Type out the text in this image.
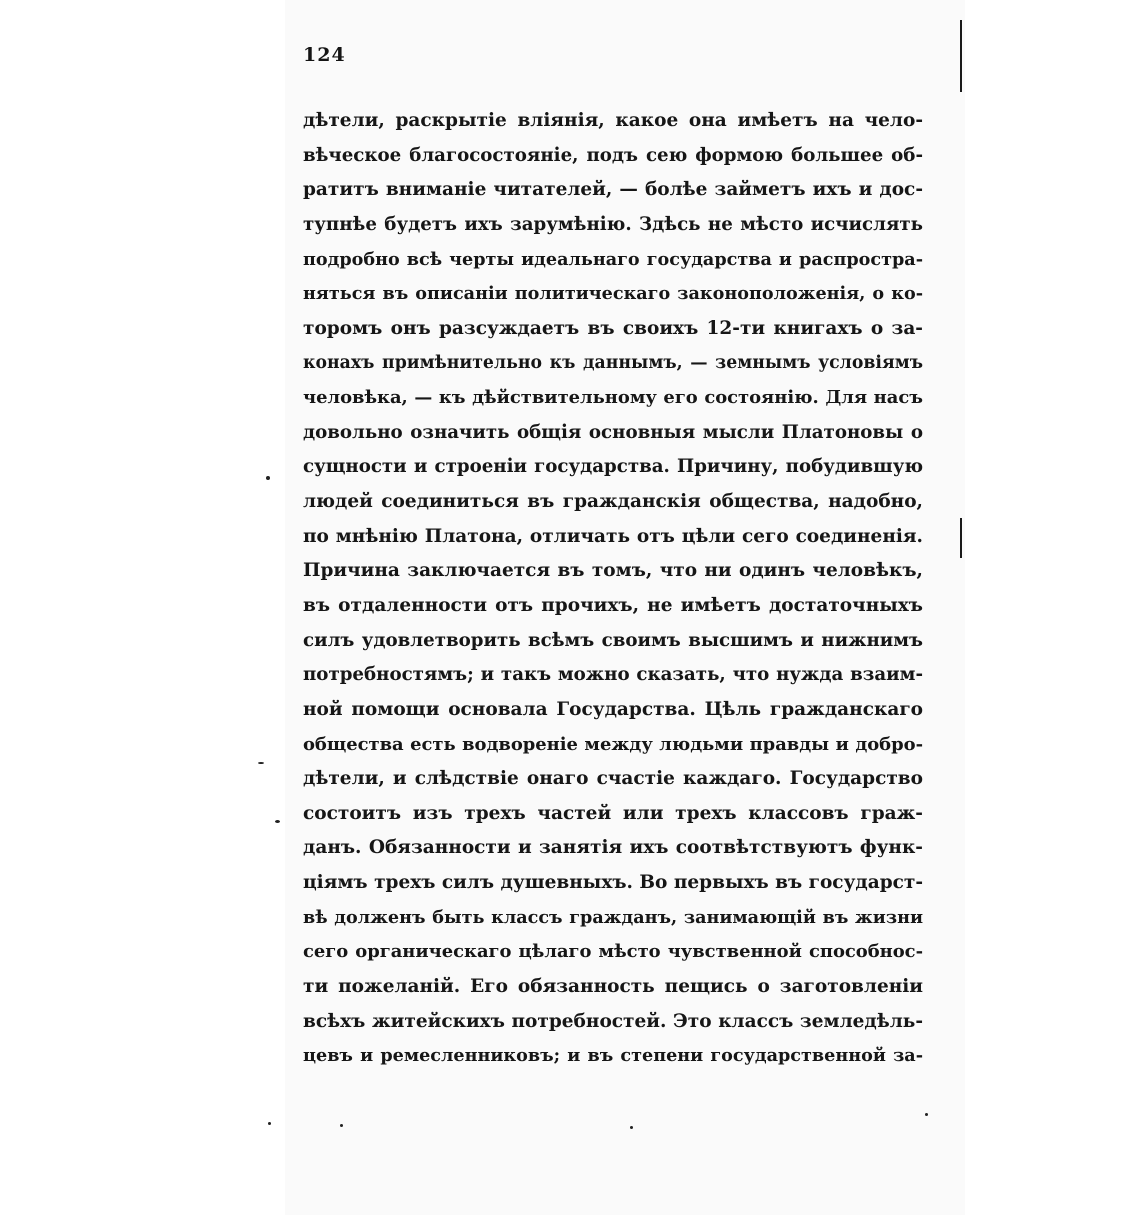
124

дѣтели, раскрытіе вліянія, какое она имѣетъ на чело-
вѣческое благосостояніе, подъ сею формою большее об-
ратитъ вниманіе читателей, — болѣе займетъ ихъ и дос-
тупнѣе будетъ ихъ зарумѣнію. Здѣсь не мѣсто исчислять
подробно всѣ черты идеальнаго государства и распростра-
няться въ описаніи политическаго законоположенія, о ко-
торомъ онъ разсуждаетъ въ своихъ 12-ти книгахъ о за-
конахъ примѣнительно къ даннымъ, — земнымъ условіямъ
человѣка, — къ дѣйствительному его состоянію. Для насъ
довольно означить общія основныя мысли Платоновы о
сущности и строеніи государства. Причину, побудившую
людей соединиться въ гражданскія общества, надобно,
по мнѣнію Платона, отличать отъ цѣли сего соединенія.
Причина заключается въ томъ, что ни одинъ человѣкъ,
въ отдаленности отъ прочихъ, не имѣетъ достаточныхъ
силъ удовлетворить всѣмъ своимъ высшимъ и нижнимъ
потребностямъ; и такъ можно сказать, что нужда взаим-
ной помощи основала Государства. Цѣль гражданскаго
общества есть водвореніе между людьми правды и добро-
дѣтели, и слѣдствіе онаго счастіе каждаго. Государство
состоитъ изъ трехъ частей или трехъ классовъ граж-
данъ. Обязанности и занятія ихъ соотвѣтствуютъ функ-
ціямъ трехъ силъ душевныхъ. Во первыхъ въ государст-
вѣ долженъ быть классъ гражданъ, занимающій въ жизни
сего органическаго цѣлаго мѣсто чувственной способнос-
ти пожеланій. Его обязанность пещись о заготовленіи
всѣхъ житейскихъ потребностей. Это классъ земледѣль-
цевъ и ремесленниковъ; и въ степени государственной за-
